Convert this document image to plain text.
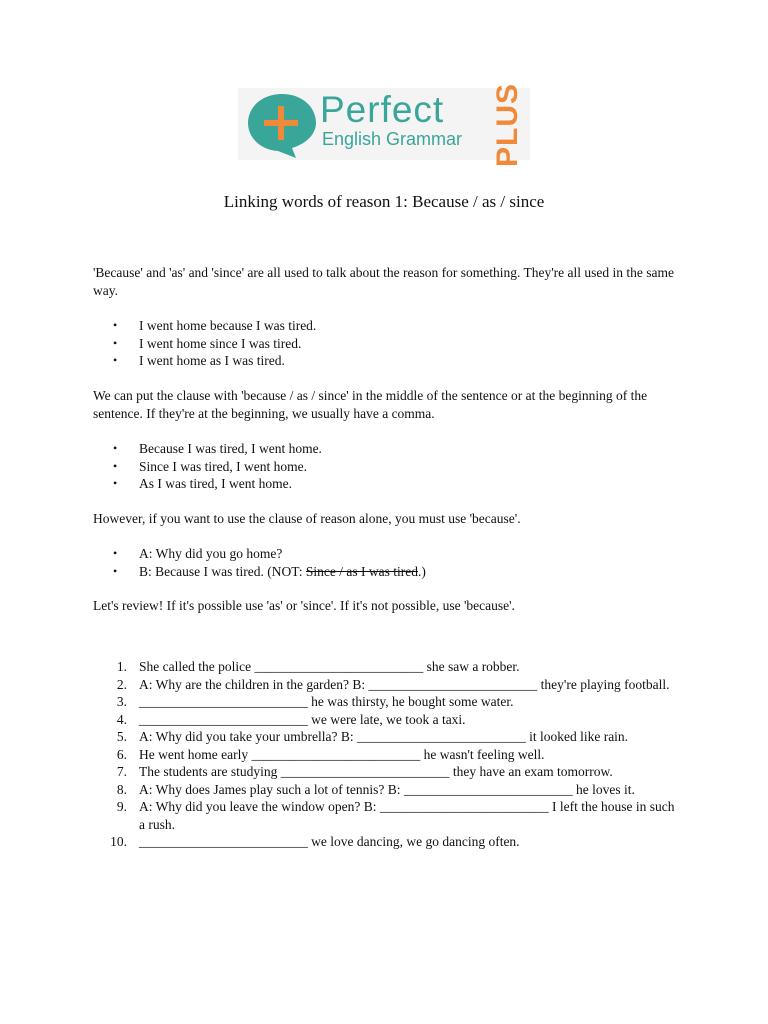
Perfect
English Grammar PLUS
Linking words of reason 1: Because / as / since

'Because' and 'as' and 'since' are all used to talk about the reason for something. They're all used in the same way.

• I went home because I was tired.
• I went home since I was tired.
• I went home as I was tired.

We can put the clause with 'because / as / since' in the middle of the sentence or at the beginning of the sentence. If they're at the beginning, we usually have a comma.

• Because I was tired, I went home.
• Since I was tired, I went home.
• As I was tired, I went home.

However, if you want to use the clause of reason alone, you must use 'because'.

• A: Why did you go home?
• B: Because I was tired. (NOT: Since / as I was tired.)

Let's review! If it's possible use 'as' or 'since'. If it's not possible, use 'because'.

1. She called the police _________________________ she saw a robber.
2. A: Why are the children in the garden? B: _________________________ they're playing football.
3. _________________________ he was thirsty, he bought some water.
4. _________________________ we were late, we took a taxi.
5. A: Why did you take your umbrella? B: _________________________ it looked like rain.
6. He went home early _________________________ he wasn't feeling well.
7. The students are studying _________________________ they have an exam tomorrow.
8. A: Why does James play such a lot of tennis? B: _________________________ he loves it.
9. A: Why did you leave the window open? B: _________________________ I left the house in such a rush.
10. _________________________ we love dancing, we go dancing often.
